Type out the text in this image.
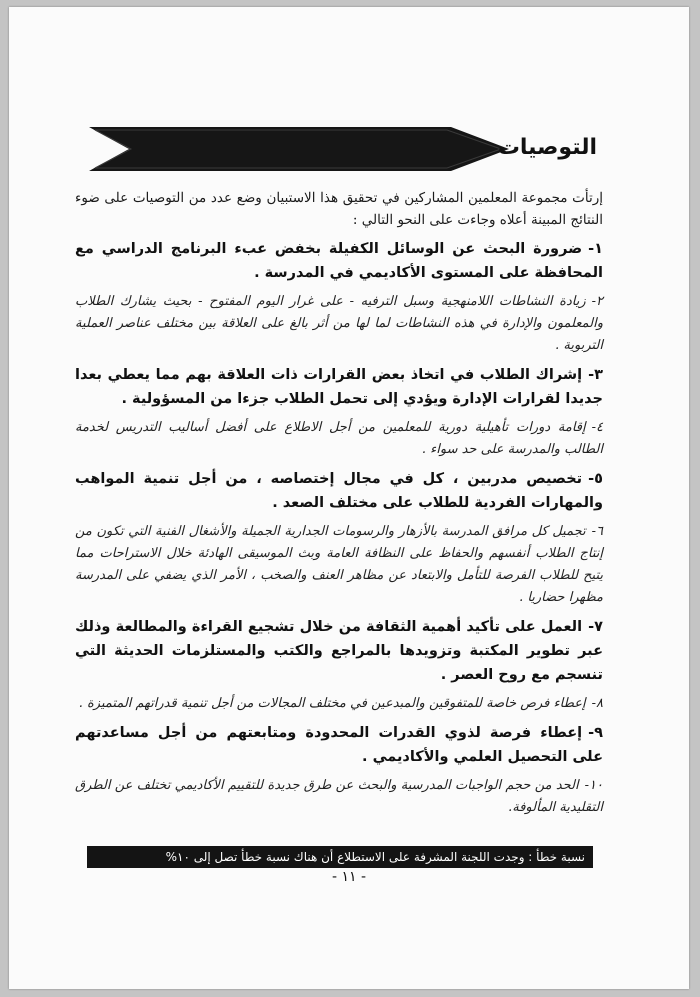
التوصيات

إرتأت مجموعة المعلمين المشاركين في تحقيق هذا الاستبيان وضع عدد من التوصيات على ضوء النتائج المبينة أعلاه وجاءت على النحو التالي :

١-ضرورة البحث عن الوسائل الكفيلة بخفض عبء البرنامج الدراسي مع المحافظة على المستوى الأكاديمي في المدرسة .

٢-زيادة النشاطات اللامنهجية وسبل الترفيه - على غرار اليوم المفتوح - بحيث يشارك الطلاب والمعلمون والإدارة في هذه النشاطات لما لها من أثر بالغ على العلاقة بين مختلف عناصر العملية التربوية .

٣-إشراك الطلاب في اتخاذ بعض القرارات ذات العلاقة بهم مما يعطي بعدا جديدا لقرارات الإدارة ويؤدي إلى تحمل الطلاب جزءا من المسؤولية .

٤-إقامة دورات تأهيلية دورية للمعلمين من أجل الاطلاع على أفضل أساليب التدريس لخدمة الطالب والمدرسة على حد سواء .

٥-تخصيص مدربين ، كل في مجال إختصاصه ، من أجل تنمية المواهب والمهارات الفردية للطلاب على مختلف الصعد .

٦-تجميل كل مرافق المدرسة بالأزهار والرسومات الجدارية الجميلة والأشغال الفنية التي تكون من إنتاج الطلاب أنفسهم والحفاظ على النظافة العامة وبث الموسيقى الهادئة خلال الاستراحات مما يتيح للطلاب الفرصة للتأمل والابتعاد عن مظاهر العنف والصخب ، الأمر الذي يضفي على المدرسة مظهرا حضاريا .

٧-العمل على تأكيد أهمية الثقافة من خلال تشجيع القراءة والمطالعة وذلك عبر تطوير المكتبة وتزويدها بالمراجع والكتب والمستلزمات الحديثة التي تنسجم مع روح العصر .

٨-إعطاء فرص خاصة للمتفوقين والمبدعين في مختلف المجالات من أجل تنمية قدراتهم المتميزة .

٩-إعطاء فرصة لذوي القدرات المحدودة ومتابعتهم من أجل مساعدتهم على التحصيل العلمي والأكاديمي .

١٠-الحد من حجم الواجبات المدرسية والبحث عن طرق جديدة للتقييم الأكاديمي تختلف عن الطرق التقليدية المألوفة.

نسبة خطأ : وجدت اللجنة المشرفة على الاستطلاع أن هناك نسبة خطأ تصل إلى ١٠%
- ١١ -
